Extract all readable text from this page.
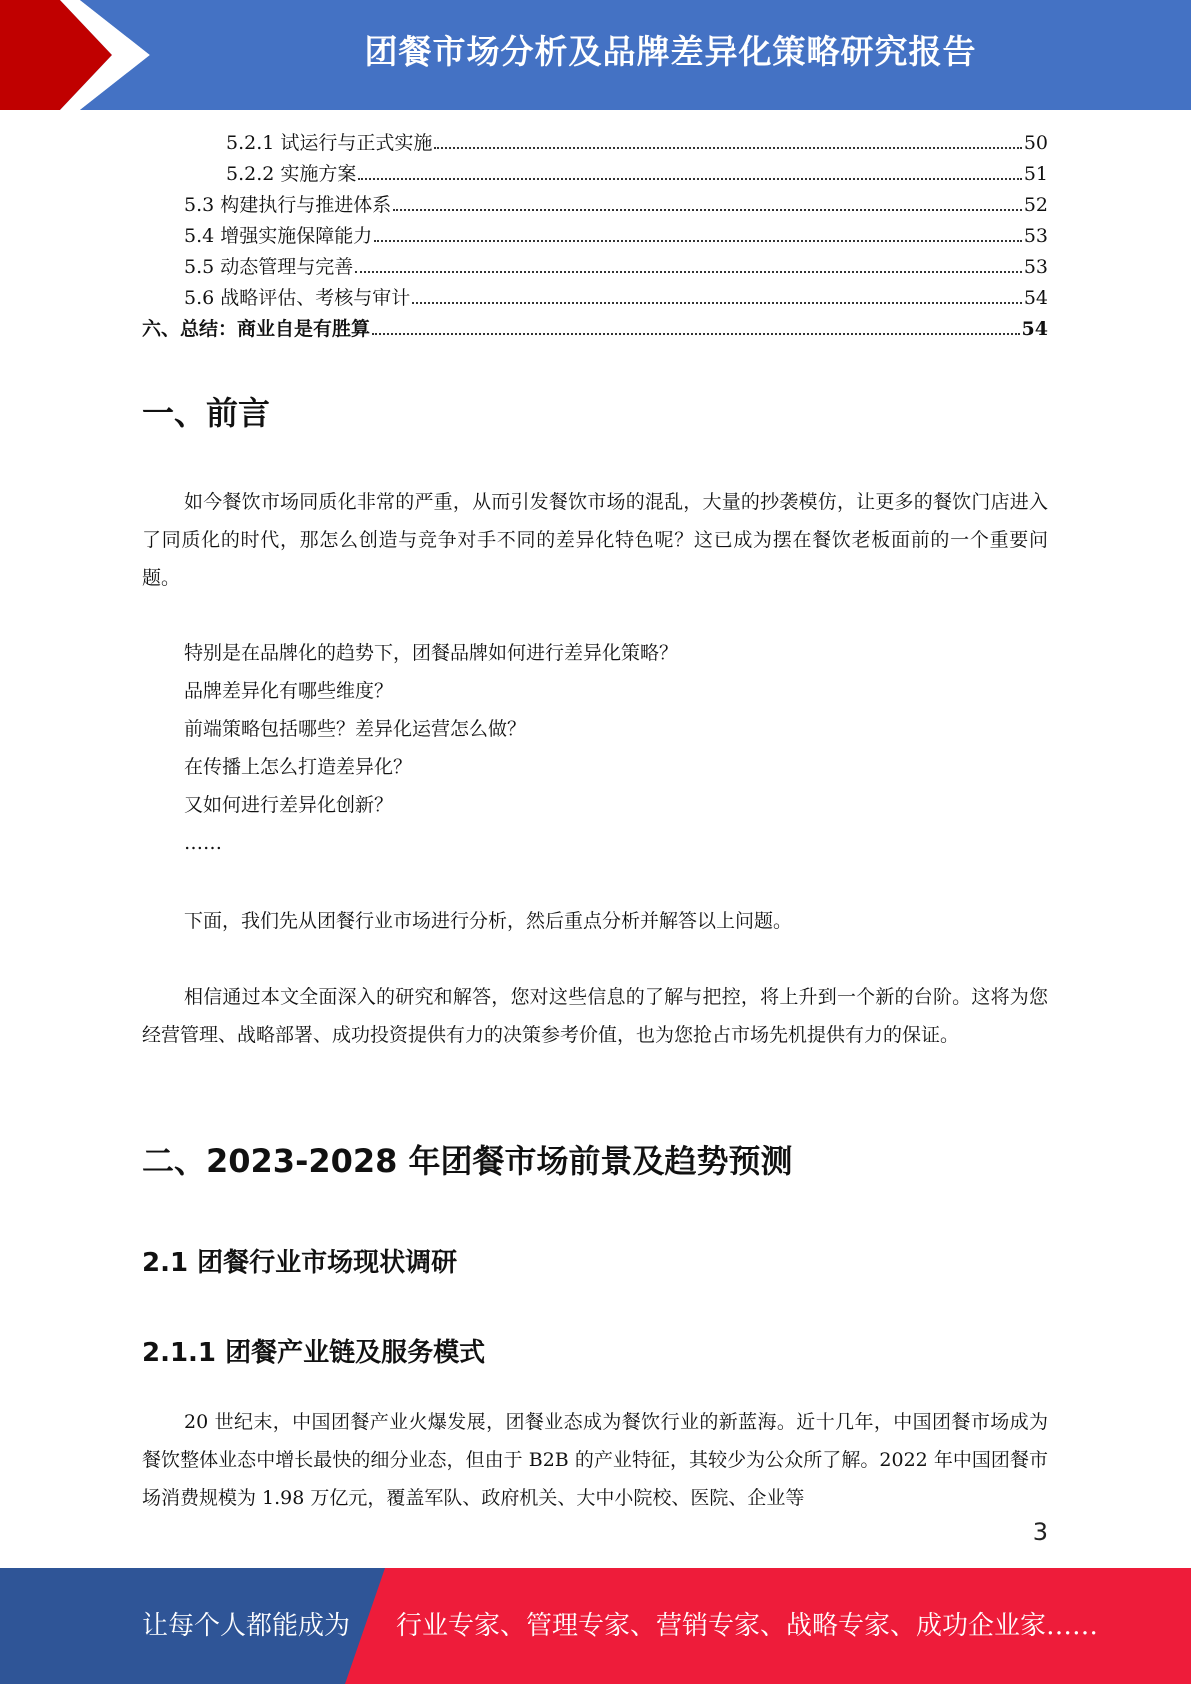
团餐市场分析及品牌差异化策略研究报告
5.2.1 试运行与正式实施	50
5.2.2 实施方案	51
5.3 构建执行与推进体系	52
5.4 增强实施保障能力	53
5.5 动态管理与完善	53
5.6 战略评估、考核与审计	54
六、总结：商业自是有胜算	54
一、前言

如今餐饮市场同质化非常的严重，从而引发餐饮市场的混乱，大量的抄袭模仿，让更多的餐饮门店进入了同质化的时代，那怎么创造与竞争对手不同的差异化特色呢？这已成为摆在餐饮老板面前的一个重要问题。

特别是在品牌化的趋势下，团餐品牌如何进行差异化策略？
品牌差异化有哪些维度？
前端策略包括哪些？差异化运营怎么做？
在传播上怎么打造差异化？
又如何进行差异化创新？
……

下面，我们先从团餐行业市场进行分析，然后重点分析并解答以上问题。

相信通过本文全面深入的研究和解答，您对这些信息的了解与把控，将上升到一个新的台阶。这将为您经营管理、战略部署、成功投资提供有力的决策参考价值，也为您抢占市场先机提供有力的保证。

二、2023-2028 年团餐市场前景及趋势预测
2.1 团餐行业市场现状调研
2.1.1 团餐产业链及服务模式

20 世纪末，中国团餐产业火爆发展，团餐业态成为餐饮行业的新蓝海。近十几年，中国团餐市场成为餐饮整体业态中增长最快的细分业态，但由于 B2B 的产业特征，其较少为公众所了解。2022 年中国团餐市场消费规模为 1.98 万亿元，覆盖军队、政府机关、大中小院校、医院、企业等

3
让每个人都能成为 行业专家、管理专家、营销专家、战略专家、成功企业家……
